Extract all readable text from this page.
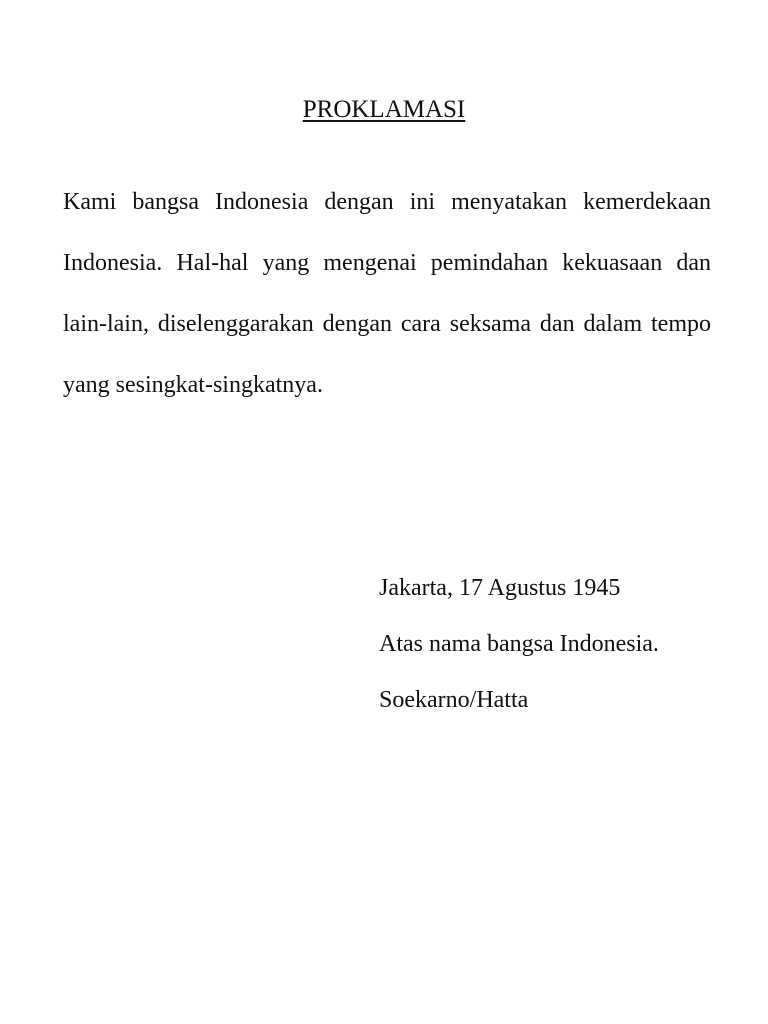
PROKLAMASI

Kami bangsa Indonesia dengan ini menyatakan kemerdekaan Indonesia. Hal-hal yang mengenai pemindahan kekuasaan dan lain-lain, diselenggarakan dengan cara seksama dan dalam tempo yang sesingkat-singkatnya.

Jakarta, 17 Agustus 1945

Atas nama bangsa Indonesia.

Soekarno/Hatta
